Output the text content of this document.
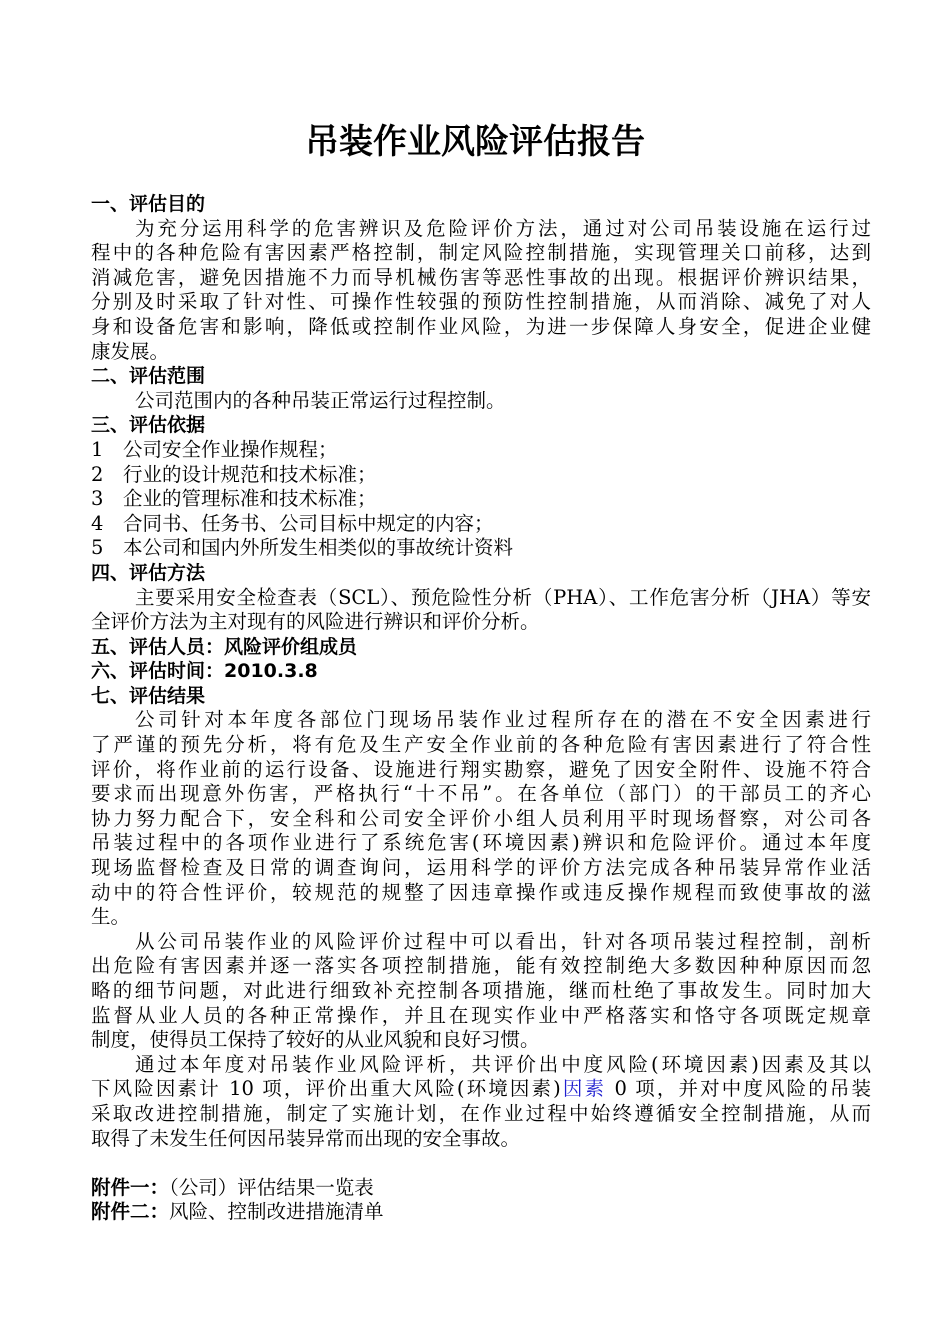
吊装作业风险评估报告
一、评估目的
为充分运用科学的危害辨识及危险评价方法，通过对公司吊装设施在运行过
程中的各种危险有害因素严格控制，制定风险控制措施，实现管理关口前移，达到
消减危害，避免因措施不力而导机械伤害等恶性事故的出现。根据评价辨识结果，
分别及时采取了针对性、可操作性较强的预防性控制措施，从而消除、减免了对人
身和设备危害和影响，降低或控制作业风险，为进一步保障人身安全，促进企业健
康发展。
二、评估范围
公司范围内的各种吊装正常运行过程控制。
三、评估依据
1 公司安全作业操作规程；
2 行业的设计规范和技术标准；
3 企业的管理标准和技术标准；
4 合同书、任务书、公司目标中规定的内容；
5 本公司和国内外所发生相类似的事故统计资料
四、评估方法
主要采用安全检查表（SCL）、预危险性分析（PHA）、工作危害分析（JHA）等安
全评价方法为主对现有的风险进行辨识和评价分析。
五、评估人员：风险评价组成员
六、评估时间：2010.3.8
七、评估结果
公司针对本年度各部位门现场吊装作业过程所存在的潜在不安全因素进行
了严谨的预先分析，将有危及生产安全作业前的各种危险有害因素进行了符合性
评价，将作业前的运行设备、设施进行翔实勘察，避免了因安全附件、设施不符合
要求而出现意外伤害，严格执行“十不吊”。在各单位（部门）的干部员工的齐心
协力努力配合下，安全科和公司安全评价小组人员利用平时现场督察，对公司各
吊装过程中的各项作业进行了系统危害(环境因素)辨识和危险评价。通过本年度
现场监督检查及日常的调查询问，运用科学的评价方法完成各种吊装异常作业活
动中的符合性评价，较规范的规整了因违章操作或违反操作规程而致使事故的滋
生。
从公司吊装作业的风险评价过程中可以看出，针对各项吊装过程控制，剖析
出危险有害因素并逐一落实各项控制措施，能有效控制绝大多数因种种原因而忽
略的细节问题，对此进行细致补充控制各项措施，继而杜绝了事故发生。同时加大
监督从业人员的各种正常操作，并且在现实作业中严格落实和恪守各项既定规章
制度，使得员工保持了较好的从业风貌和良好习惯。
通过本年度对吊装作业风险评析，共评价出中度风险(环境因素)因素及其以
下风险因素计 10 项，评价出重大风险(环境因素)因素 0 项，并对中度风险的吊装
采取改进控制措施，制定了实施计划，在作业过程中始终遵循安全控制措施，从而
取得了未发生任何因吊装异常而出现的安全事故。
附件一：（公司）评估结果一览表
附件二：风险、控制改进措施清单
